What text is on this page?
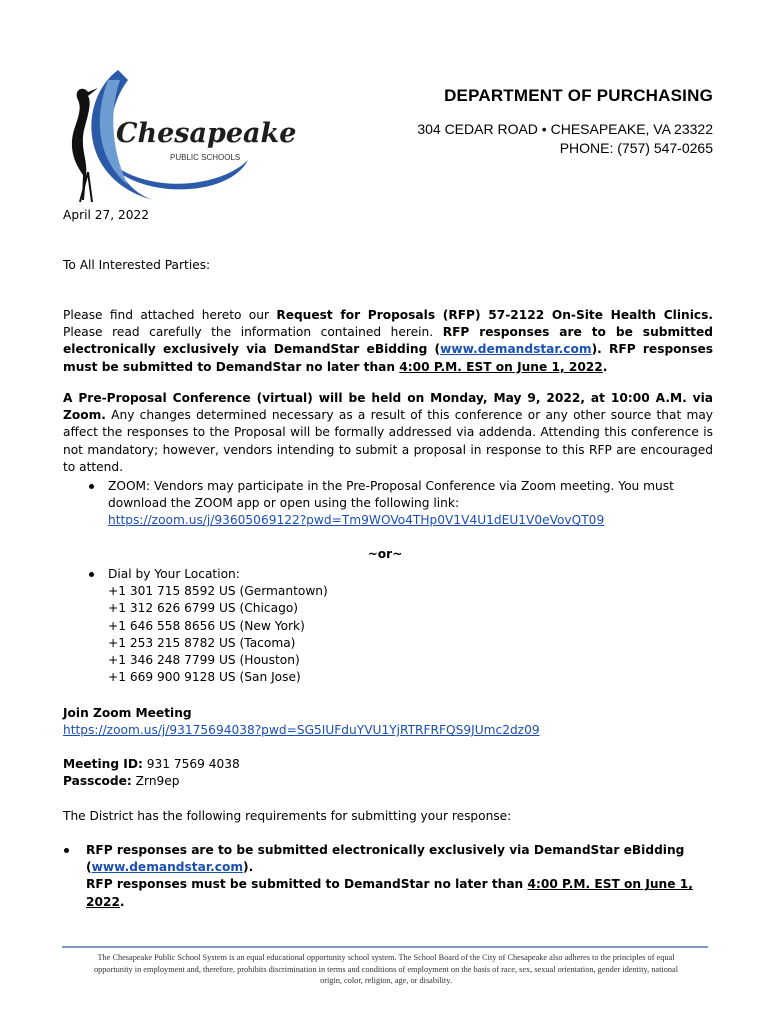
Chesapeake
PUBLIC SCHOOLS
DEPARTMENT OF PURCHASING
304 CEDAR ROAD • CHESAPEAKE, VA 23322
PHONE: (757) 547-0265
April 27, 2022
To All Interested Parties:
Please find attached hereto our Request for Proposals (RFP) 57-2122 On-Site Health Clinics. Please read carefully the information contained herein. RFP responses are to be submitted electronically exclusively via DemandStar eBidding (www.demandstar.com). RFP responses must be submitted to DemandStar no later than 4:00 P.M. EST on June 1, 2022.
A Pre-Proposal Conference (virtual) will be held on Monday, May 9, 2022, at 10:00 A.M. via Zoom. Any changes determined necessary as a result of this conference or any other source that may affect the responses to the Proposal will be formally addressed via addenda. Attending this conference is not mandatory; however, vendors intending to submit a proposal in response to this RFP are encouraged to attend.
ZOOM: Vendors may participate in the Pre-Proposal Conference via Zoom meeting. You must download the ZOOM app or open using the following link:
https://zoom.us/j/93605069122?pwd=Tm9WOVo4THp0V1V4U1dEU1V0eVovQT09
~or~
Dial by Your Location:
+1 301 715 8592 US (Germantown)
+1 312 626 6799 US (Chicago)
+1 646 558 8656 US (New York)
+1 253 215 8782 US (Tacoma)
+1 346 248 7799 US (Houston)
+1 669 900 9128 US (San Jose)
Join Zoom Meeting
https://zoom.us/j/93175694038?pwd=SG5IUFduYVU1YjRTRFRFQS9JUmc2dz09
Meeting ID: 931 7569 4038
Passcode: Zrn9ep
The District has the following requirements for submitting your response:
RFP responses are to be submitted electronically exclusively via DemandStar eBidding (www.demandstar.com).
RFP responses must be submitted to DemandStar no later than 4:00 P.M. EST on June 1, 2022.
The Chesapeake Public School System is an equal educational opportunity school system. The School Board of the City of Chesapeake also adheres to the principles of equal opportunity in employment and, therefore, prohibits discrimination in terms and conditions of employment on the basis of race, sex, sexual orientation, gender identity, national origin, color, religion, age, or disability.
